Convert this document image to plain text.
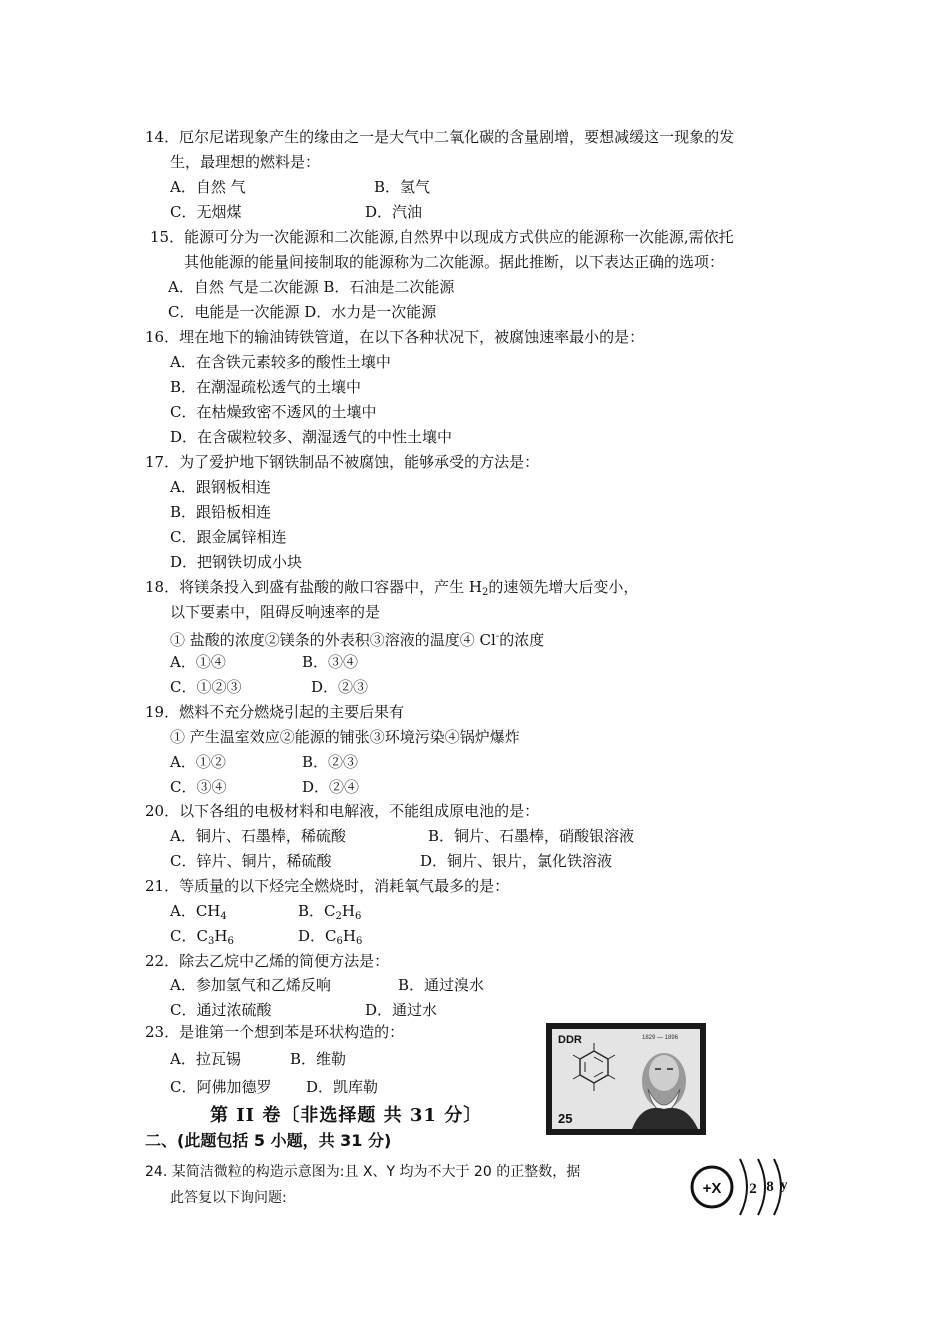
14．厄尔尼诺现象产生的缘由之一是大气中二氧化碳的含量剧增，要想减缓这一现象的发
生，最理想的燃料是：
A．自然 气	B．氢气
C．无烟煤	D．汽油
15．能源可分为一次能源和二次能源,自然界中以现成方式供应的能源称一次能源,需依托
其他能源的能量间接制取的能源称为二次能源。据此推断，以下表达正确的选项：
A．自然 气是二次能源 B．石油是二次能源
C．电能是一次能源 D．水力是一次能源
16．埋在地下的输油铸铁管道，在以下各种状况下，被腐蚀速率最小的是：
A．在含铁元素较多的酸性土壤中
B．在潮湿疏松透气的土壤中
C．在枯燥致密不透风的土壤中
D．在含碳粒较多、潮湿透气的中性土壤中
17．为了爱护地下钢铁制品不被腐蚀，能够承受的方法是：
A．跟钢板相连
B．跟铅板相连
C．跟金属锌相连
D．把钢铁切成小块
18．将镁条投入到盛有盐酸的敞口容器中，产生 $H_2$的速领先增大后变小，
以下要素中，阻碍反响速率的是
① 盐酸的浓度②镁条的外表积③溶液的温度④ Cl-的浓度
A．①④	B．③④
C．①②③	D．②③
19．燃料不充分燃烧引起的主要后果有
① 产生温室效应②能源的铺张③环境污染④锅炉爆炸
A．①②	B．②③
C．③④	D．②④
20．以下各组的电极材料和电解液，不能组成原电池的是：
A．铜片、石墨棒，稀硫酸	B．铜片、石墨棒，硝酸银溶液
C．锌片、铜片，稀硫酸	D．铜片、银片，氯化铁溶液
21．等质量的以下烃完全燃烧时，消耗氧气最多的是：
A．$CH_4$	B．$C_2H_6$
C．$C_3H_6$	D．$C_6H_6$
22．除去乙烷中乙烯的简便方法是：
A．参加氢气和乙烯反响	B．通过溴水
C．通过浓硫酸	D．通过水
23．是谁第一个想到苯是环状构造的：
A．拉瓦锡	B．维勒
C．阿佛加德罗 D．凯库勒
DDR	1829 — 1896
25
第 II 卷〔非选择题 共 31 分〕
二、(此题包括 5 小题，共 31 分)
24. 某简洁微粒的构造示意图为:且 X、Y 均为不大于 20 的正整数，据
此答复以下询问题:
+X 2 8 y
